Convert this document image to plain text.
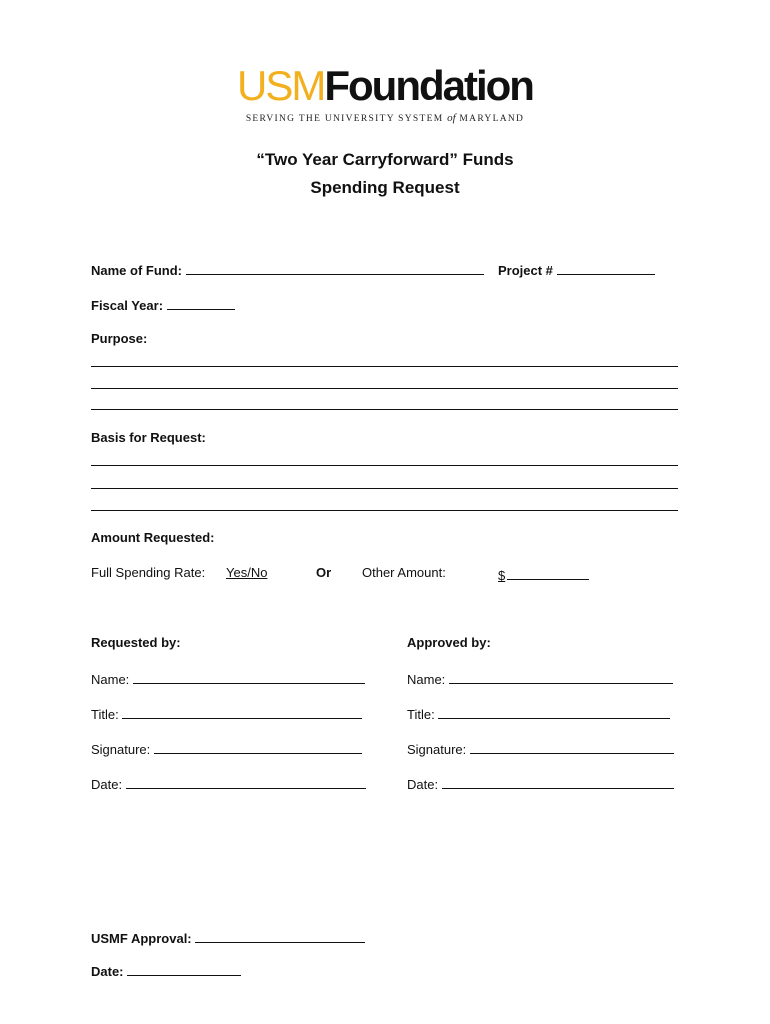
USMFoundation
SERVING THE UNIVERSITY SYSTEM of MARYLAND
“Two Year Carryforward” Funds
Spending Request
Name of Fund:	Project #
Fiscal Year:
Purpose:
Basis for Request:
Amount Requested:
Full Spending Rate: Yes/No	Or Other Amount:	$
Requested by:
Name:
Title:
Signature:
Date:
Approved by:
Name:
Title:
Signature:
Date:
USMF Approval:
Date:
